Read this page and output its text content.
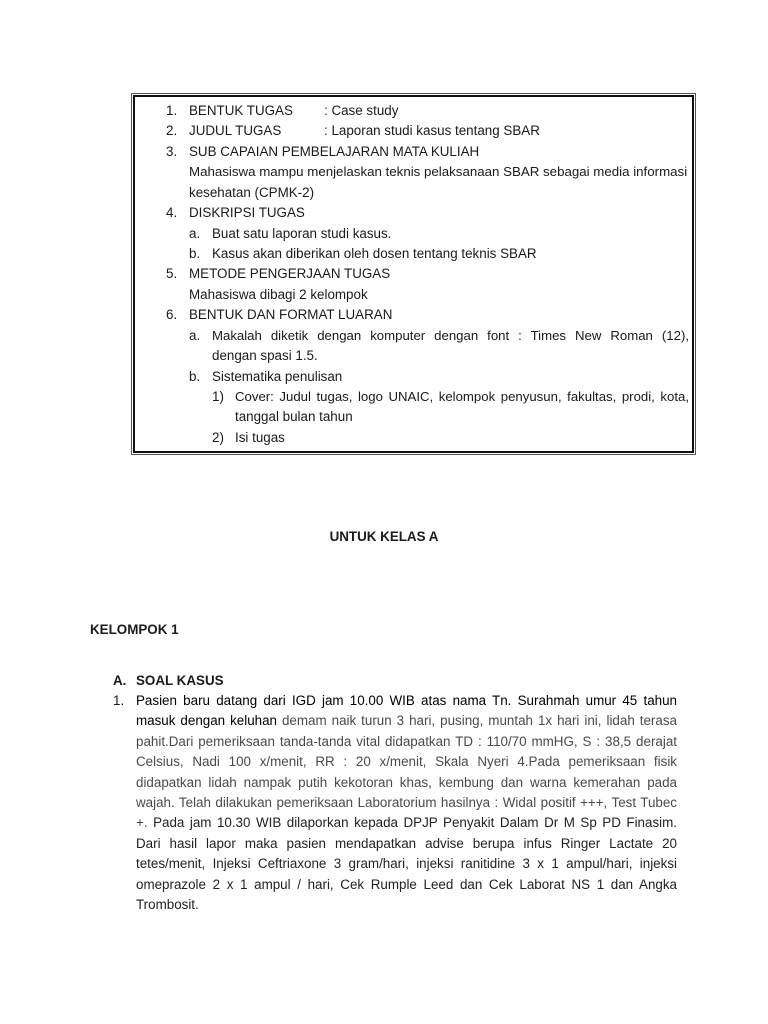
1. BENTUK TUGAS : Case study
2. JUDUL TUGAS	: Laporan studi kasus tentang SBAR
3. SUB CAPAIAN PEMBELAJARAN MATA KULIAH
Mahasiswa mampu menjelaskan teknis pelaksanaan SBAR sebagai media informasi
kesehatan (CPMK-2)
4. DISKRIPSI TUGAS
a. Buat satu laporan studi kasus.
b. Kasus akan diberikan oleh dosen tentang teknis SBAR
5. METODE PENGERJAAN TUGAS
Mahasiswa dibagi 2 kelompok
6. BENTUK DAN FORMAT LUARAN
a. Makalah diketik dengan komputer dengan font : Times New Roman (12),
dengan spasi 1.5.
b. Sistematika penulisan
1) Cover: Judul tugas, logo UNAIC, kelompok penyusun, fakultas, prodi, kota,
tanggal bulan tahun
2) Isi tugas
UNTUK KELAS A
KELOMPOK 1
A. SOAL KASUS
1. Pasien baru datang dari IGD jam 10.00 WIB atas nama Tn. Surahmah umur 45 tahun masuk dengan keluhan demam naik turun 3 hari, pusing, muntah 1x hari ini, lidah terasa pahit.Dari pemeriksaan tanda-tanda vital didapatkan TD : 110/70 mmHG, S : 38,5 derajat Celsius, Nadi 100 x/menit, RR : 20 x/menit, Skala Nyeri 4.Pada pemeriksaan fisik didapatkan lidah nampak putih kekotoran khas, kembung dan warna kemerahan pada wajah. Telah dilakukan pemeriksaan Laboratorium hasilnya : Widal positif +++, Test Tubec +. Pada jam 10.30 WIB dilaporkan kepada DPJP Penyakit Dalam Dr M Sp PD Finasim. Dari hasil lapor maka pasien mendapatkan advise berupa infus Ringer Lactate 20 tetes/menit, Injeksi Ceftriaxone 3 gram/hari, injeksi ranitidine 3 x 1 ampul/hari, injeksi omeprazole 2 x 1 ampul / hari, Cek Rumple Leed dan Cek Laborat NS 1 dan Angka Trombosit.
